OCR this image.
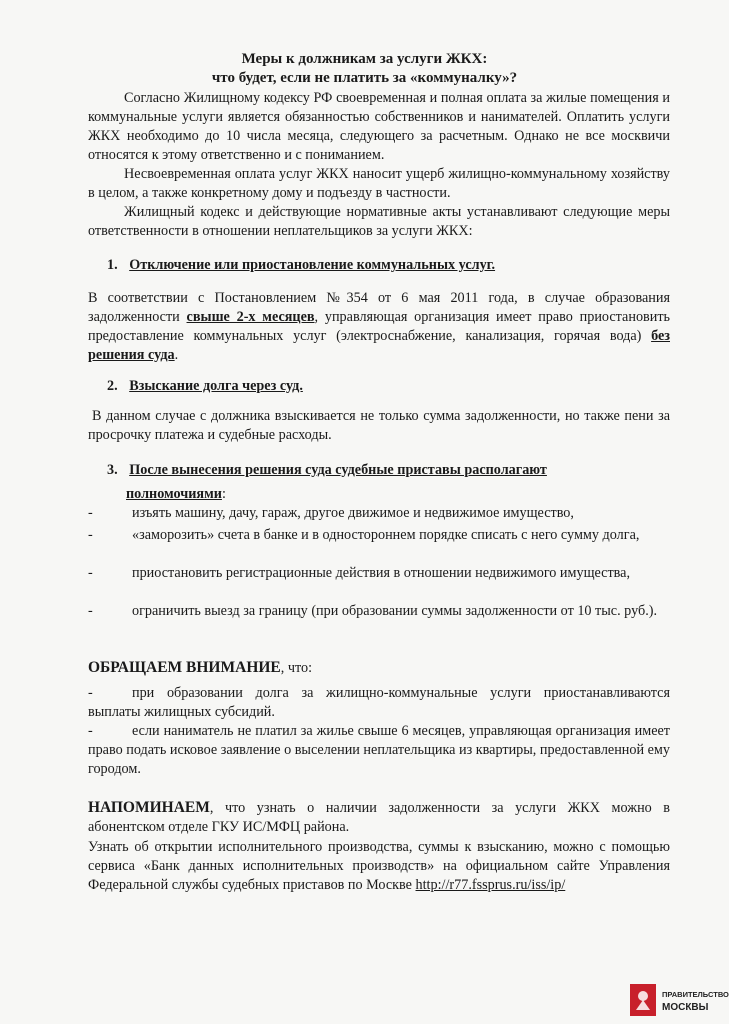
Меры к должникам за услуги ЖКХ:
что будет, если не платить за «коммуналку»?
Согласно Жилищному кодексу РФ своевременная и полная оплата за жилые помещения и коммунальные услуги является обязанностью собственников и нанимателей. Оплатить услуги ЖКХ необходимо до 10 числа месяца, следующего за расчетным. Однако не все москвичи относятся к этому ответственно и с пониманием.
Несвоевременная оплата услуг ЖКХ наносит ущерб жилищно-коммунальному хозяйству в целом, а также конкретному дому и подъезду в частности.
Жилищный кодекс и действующие нормативные акты устанавливают следующие меры ответственности в отношении неплательщиков за услуги ЖКХ:
1. Отключение или приостановление коммунальных услуг.
В соответствии с Постановлением №354 от 6 мая 2011 года, в случае образования задолженности свыше 2-х месяцев, управляющая организация имеет право приостановить предоставление коммунальных услуг (электроснабжение, канализация, горячая вода) без решения суда.
2. Взыскание долга через суд.
В данном случае с должника взыскивается не только сумма задолженности, но также пени за просрочку платежа и судебные расходы.
3. После вынесения решения суда судебные приставы располагают
полномочиями:
-	изъять машину, дачу, гараж, другое движимое и недвижимое имущество,
-	«заморозить» счета в банке и в одностороннем порядке списать с него сумму долга,
-	приостановить регистрационные действия в отношении недвижимого имущества,
-	ограничить выезд за границу (при образовании суммы задолженности от 10 тыс. руб.).
ОБРАЩАЕМ ВНИМАНИЕ, что:
-	при образовании долга за жилищно-коммунальные услуги приостанавливаются выплаты жилищных субсидий.
-	если наниматель не платил за жилье свыше 6 месяцев, управляющая организация имеет право подать исковое заявление о выселении неплательщика из квартиры, предоставленной ему городом.
НАПОМИНАЕМ, что узнать о наличии задолженности за услуги ЖКХ можно в абонентском отделе ГКУ ИС/МФЦ района.
Узнать об открытии исполнительного производства, суммы к взысканию, можно с помощью сервиса «Банк данных исполнительных производств» на официальном сайте Управления Федеральной службы судебных приставов по Москве http://r77.fssprus.ru/iss/ip/
ПРАВИТЕЛЬСТВО
МОСКВЫ
